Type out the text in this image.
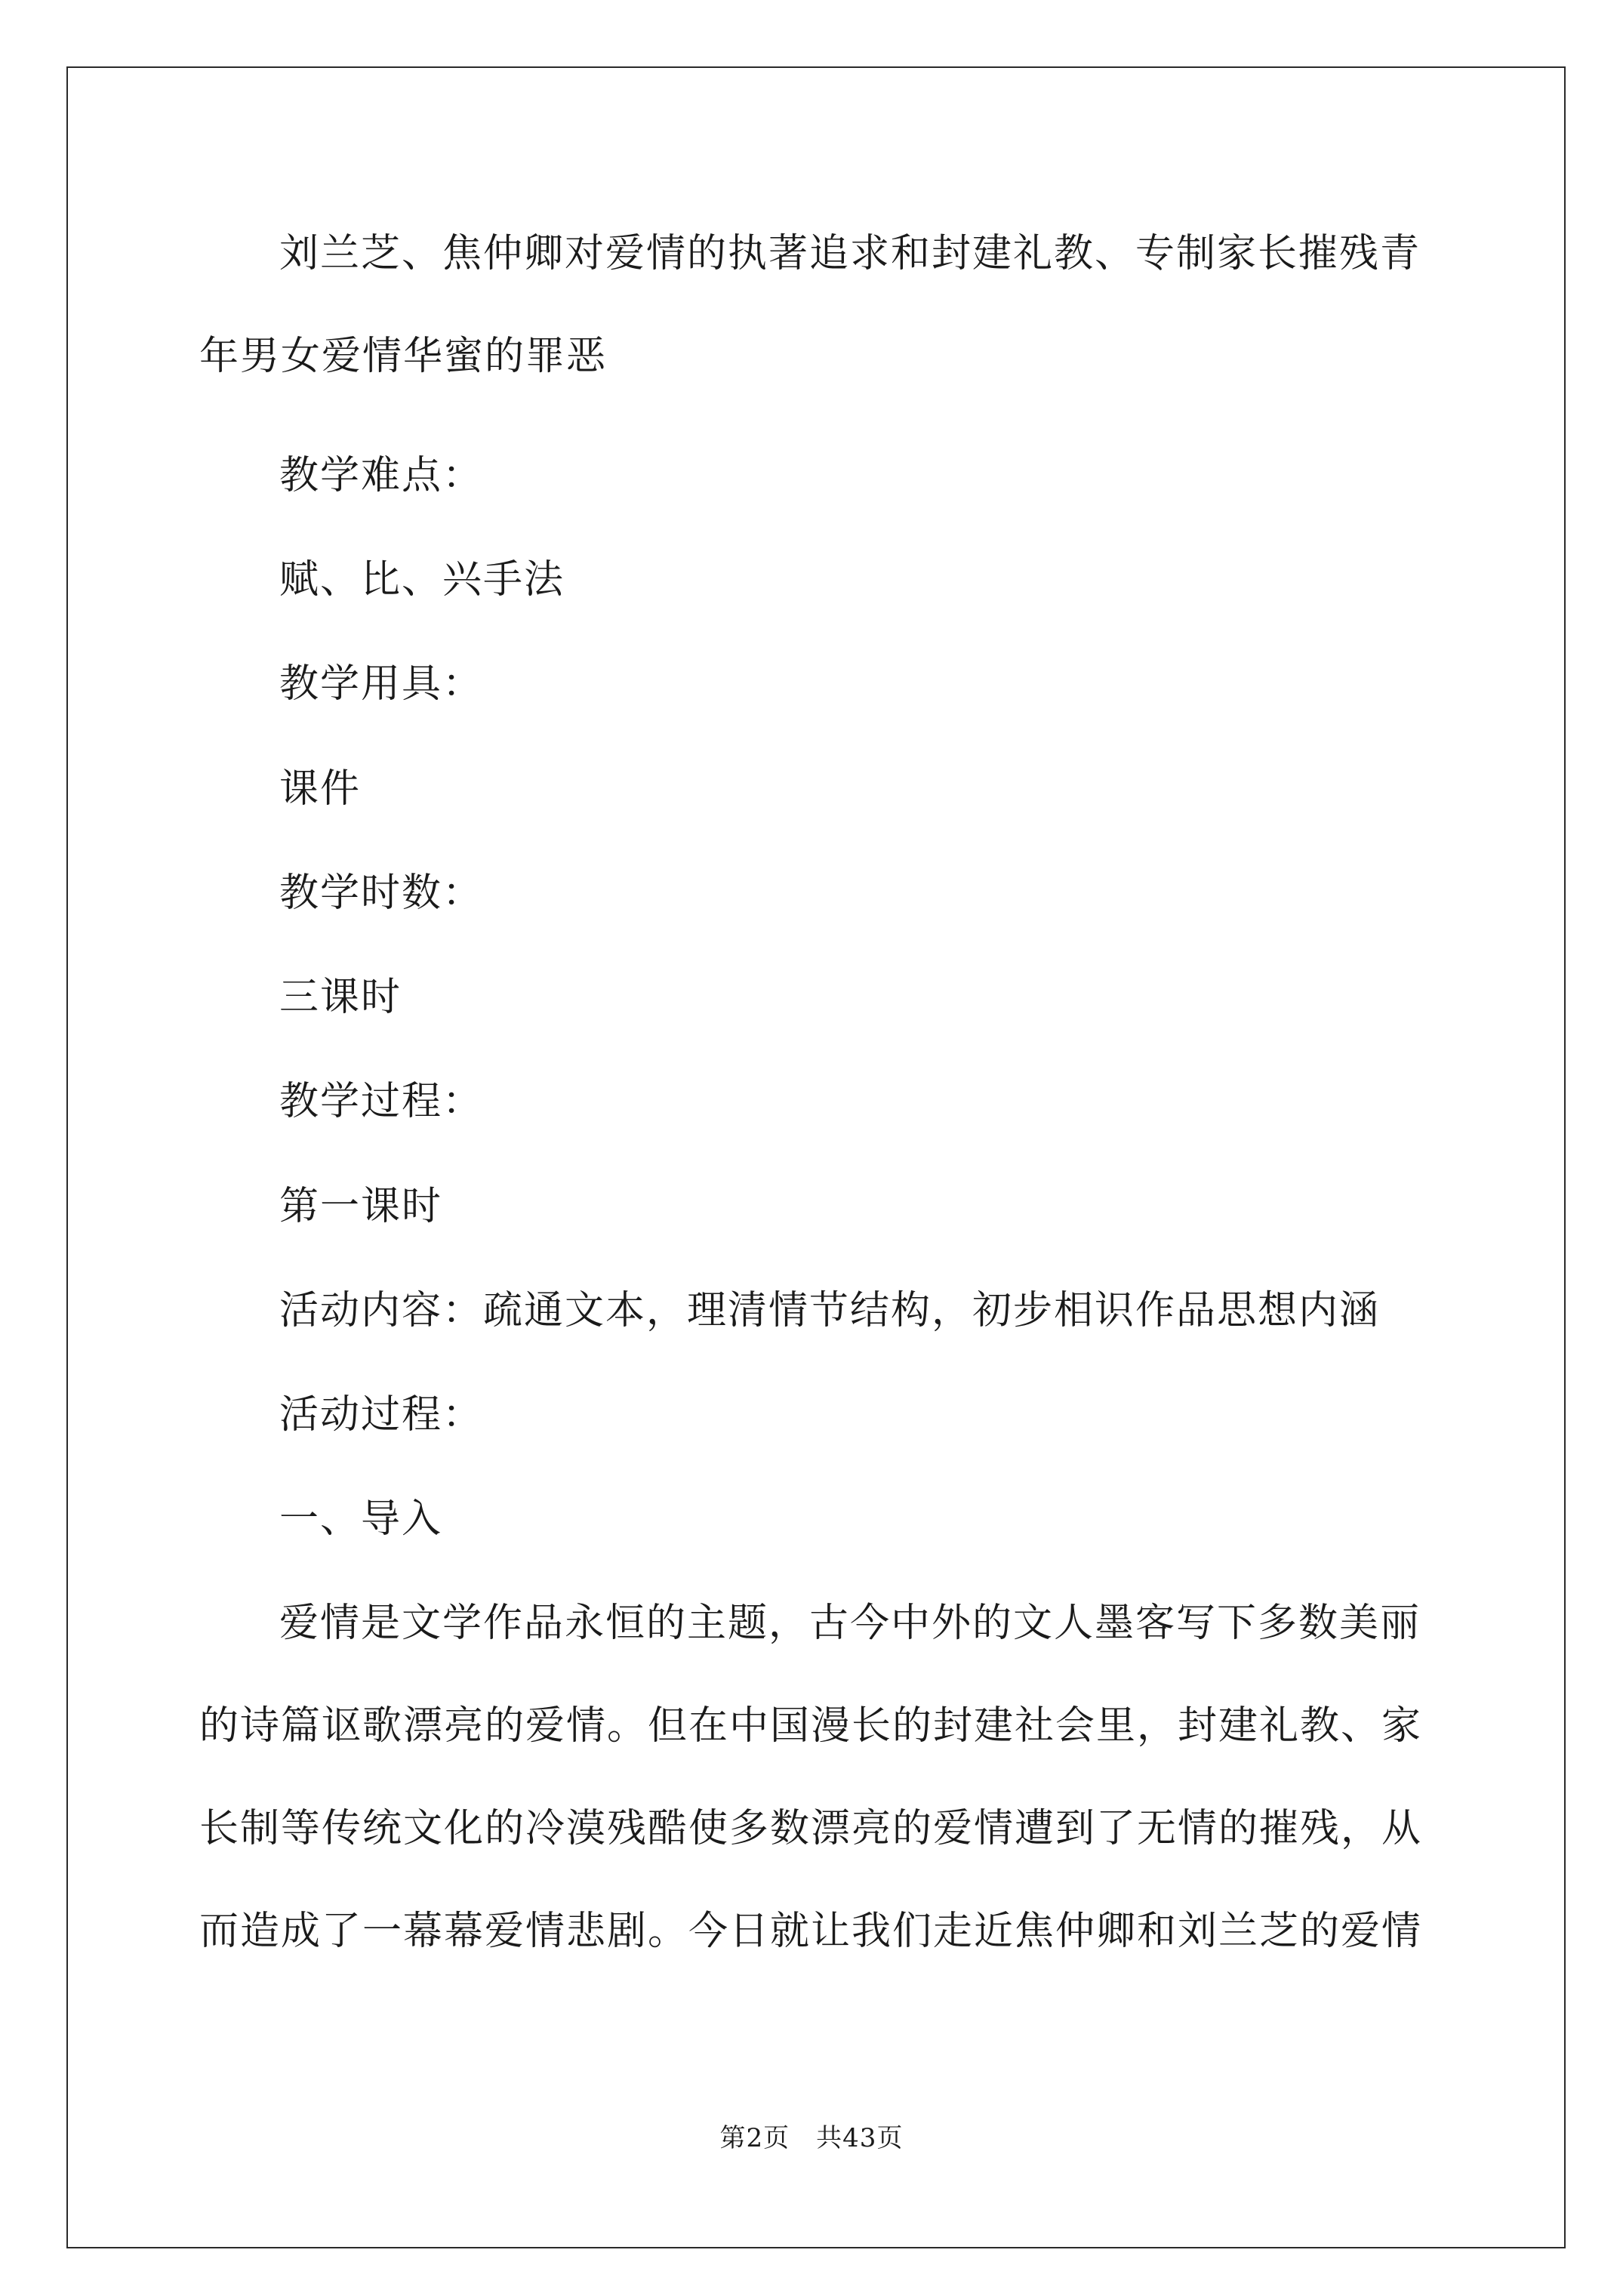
刘兰芝、焦仲卿对爱情的执著追求和封建礼教、专制家长摧残青年男女爱情华蜜的罪恶

教学难点：

赋、比、兴手法

教学用具：

课件

教学时数：

三课时

教学过程：

第一课时

活动内容：疏通文本，理清情节结构，初步相识作品思想内涵

活动过程：

一、导入

爱情是文学作品永恒的主题，古今中外的文人墨客写下多数美丽的诗篇讴歌漂亮的爱情。但在中国漫长的封建社会里，封建礼教、家长制等传统文化的冷漠残酷使多数漂亮的爱情遭到了无情的摧残，从而造成了一幕幕爱情悲剧。今日就让我们走近焦仲卿和刘兰芝的爱情

第2页　共43页
